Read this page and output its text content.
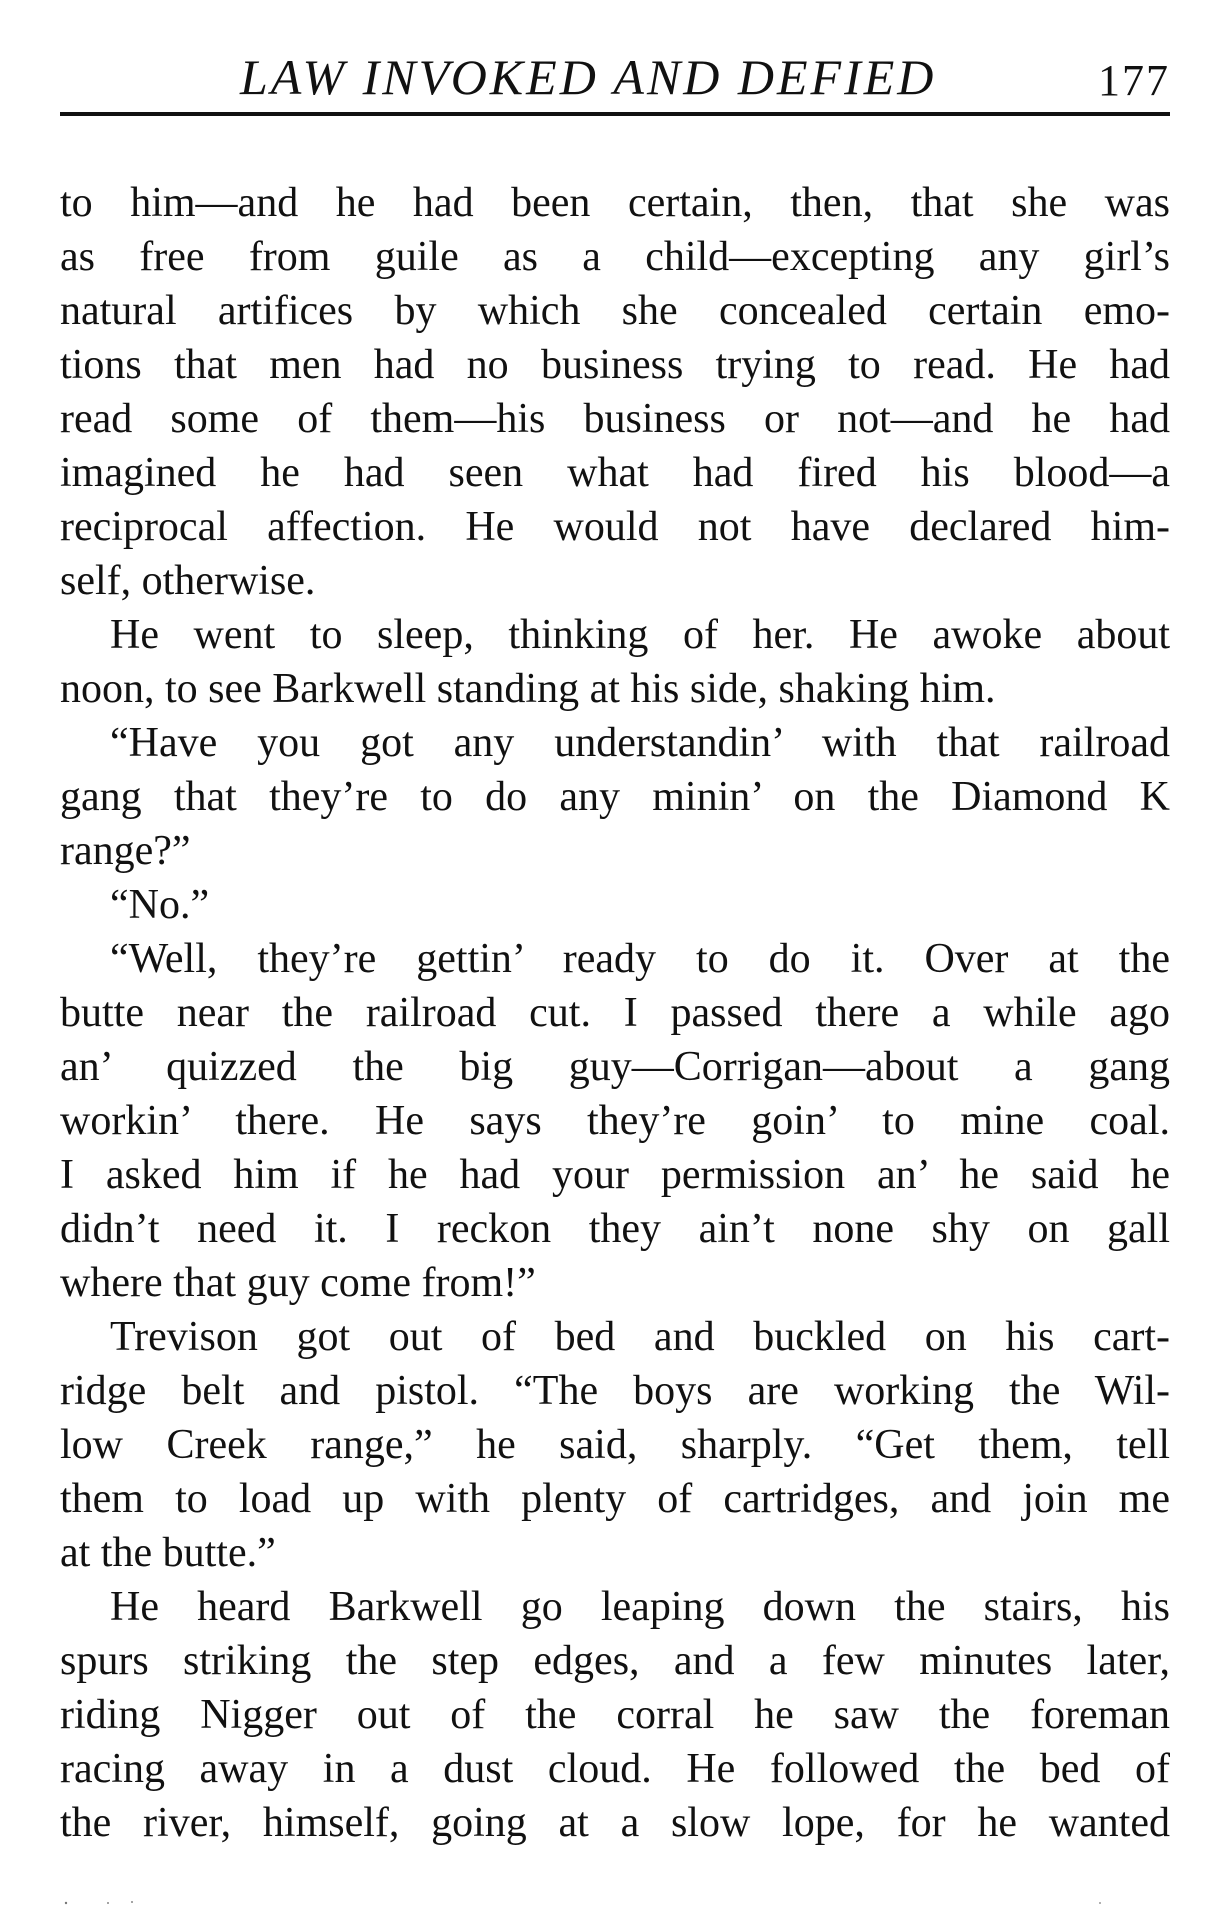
LAW INVOKED AND DEFIED	177
to him—and he had been certain, then, that she was
as free from guile as a child—excepting any girl’s
natural artifices by which she concealed certain emo-
tions that men had no business trying to read. He had
read some of them—his business or not—and he had
imagined he had seen what had fired his blood—a
reciprocal affection. He would not have declared him-
self, otherwise.
He went to sleep, thinking of her. He awoke about
noon, to see Barkwell standing at his side, shaking him.
“Have you got any understandin’ with that railroad
gang that they’re to do any minin’ on the Diamond K
range?”
“No.”
“Well, they’re gettin’ ready to do it. Over at the
butte near the railroad cut. I passed there a while ago
an’ quizzed the big guy—Corrigan—about a gang
workin’ there. He says they’re goin’ to mine coal.
I asked him if he had your permission an’ he said he
didn’t need it. I reckon they ain’t none shy on gall
where that guy come from!”
Trevison got out of bed and buckled on his cart-
ridge belt and pistol. “The boys are working the Wil-
low Creek range,” he said, sharply. “Get them, tell
them to load up with plenty of cartridges, and join me
at the butte.”
He heard Barkwell go leaping down the stairs, his
spurs striking the step edges, and a few minutes later,
riding Nigger out of the corral he saw the foreman
racing away in a dust cloud. He followed the bed of
the river, himself, going at a slow lope, for he wanted
